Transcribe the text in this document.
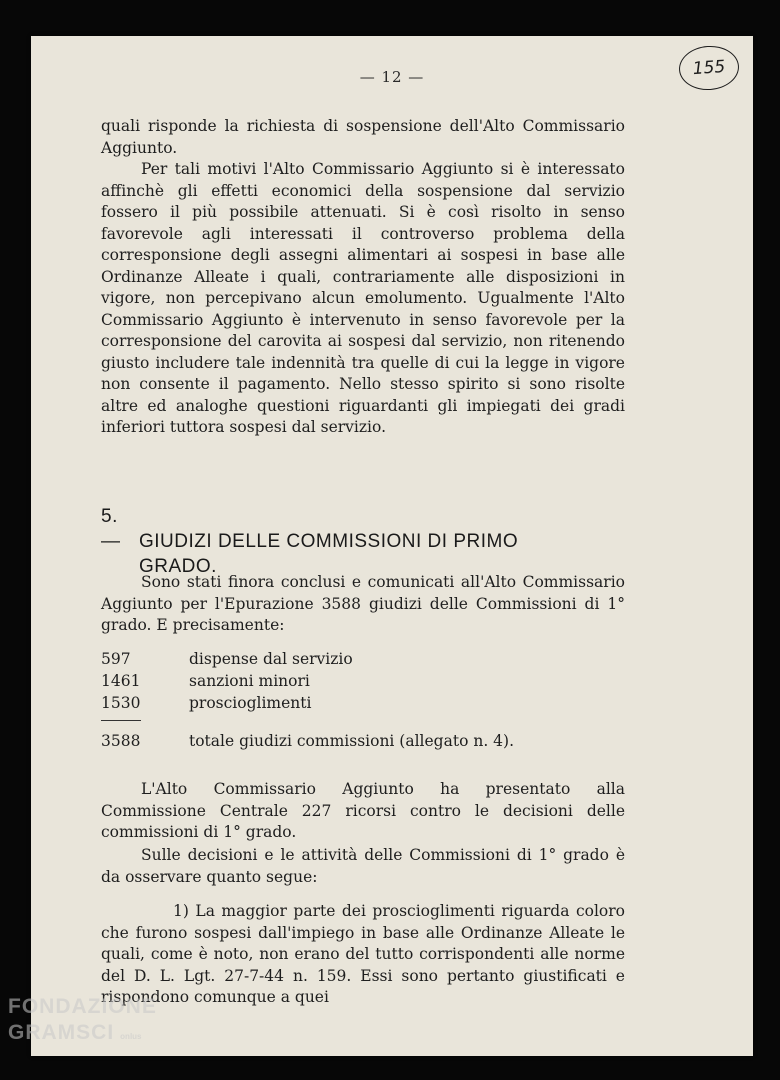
— 12 —	155

quali risponde la richiesta di sospensione dell'Alto Commissario Aggiunto.

Per tali motivi l'Alto Commissario Aggiunto si è interessato affinchè gli effetti economici della sospensione dal servizio fossero il più possibile attenuati. Si è così risolto in senso favorevole agli interessati il controverso problema della corresponsione degli assegni alimentari ai sospesi in base alle Ordinanze Alleate i quali, contrariamente alle disposizioni in vigore, non percepivano alcun emolumento. Ugualmente l'Alto Commissario Aggiunto è intervenuto in senso favorevole per la corresponsione del carovita ai sospesi dal servizio, non ritenendo giusto includere tale indennità tra quelle di cui la legge in vigore non consente il pagamento. Nello stesso spirito si sono risolte altre ed analoghe questioni riguardanti gli impiegati dei gradi inferiori tuttora sospesi dal servizio.

5. — GIUDIZI DELLE COMMISSIONI DI PRIMO
GRADO.

Sono stati finora conclusi e comunicati all'Alto Commissario Aggiunto per l'Epurazione 3588 giudizi delle Commissioni di 1° grado. E precisamente:

597	dispense dal servizio
1461	sanzioni minori
1530	proscioglimenti
3588	totale giudizi commissioni (allegato n. 4).

L'Alto Commissario Aggiunto ha presentato alla Commissione Centrale 227 ricorsi contro le decisioni delle commissioni di 1° grado.

Sulle decisioni e le attività delle Commissioni di 1° grado è da osservare quanto segue:

1) La maggior parte dei proscioglimenti riguarda coloro che furono sospesi dall'impiego in base alle Ordinanze Alleate le quali, come è noto, non erano del tutto corrispondenti alle norme del D. L. Lgt. 27-7-44 n. 159. Essi sono pertanto giustificati e rispondono comunque a quei

FONDAZIONE
GRAMSCI onlus
